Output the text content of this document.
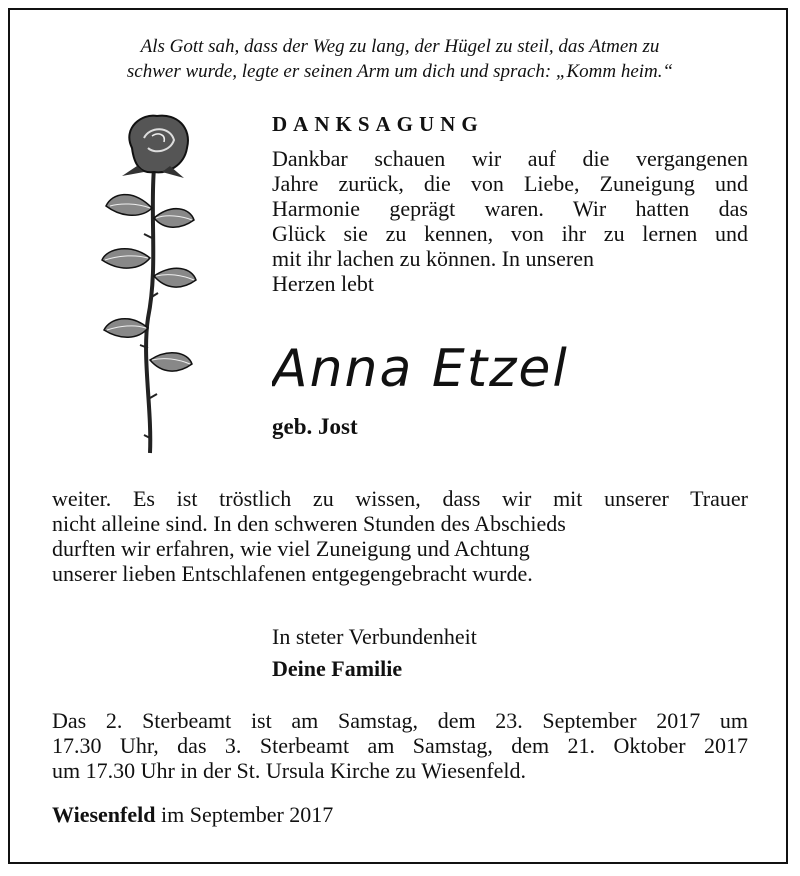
Als Gott sah, dass der Weg zu lang, der Hügel zu steil, das Atmen zu
schwer wurde, legte er seinen Arm um dich und sprach: „Komm heim.“
DANKSAGUNG
Dankbar schauen wir auf die vergangenen
Jahre zurück, die von Liebe, Zuneigung und
Harmonie geprägt waren. Wir hatten das
Glück sie zu kennen, von ihr zu lernen und
mit ihr lachen zu können. In unseren
Herzen lebt
Anna Etzel
geb. Jost
weiter. Es ist tröstlich zu wissen, dass wir mit unserer Trauer
nicht alleine sind. In den schweren Stunden des Abschieds
durften wir erfahren, wie viel Zuneigung und Achtung
unserer lieben Entschlafenen entgegengebracht wurde.
In steter Verbundenheit
Deine Familie
Das 2. Sterbeamt ist am Samstag, dem 23. September 2017 um
17.30 Uhr, das 3. Sterbeamt am Samstag, dem 21. Oktober 2017
um 17.30 Uhr in der St. Ursula Kirche zu Wiesenfeld.
Wiesenfeld im September 2017
